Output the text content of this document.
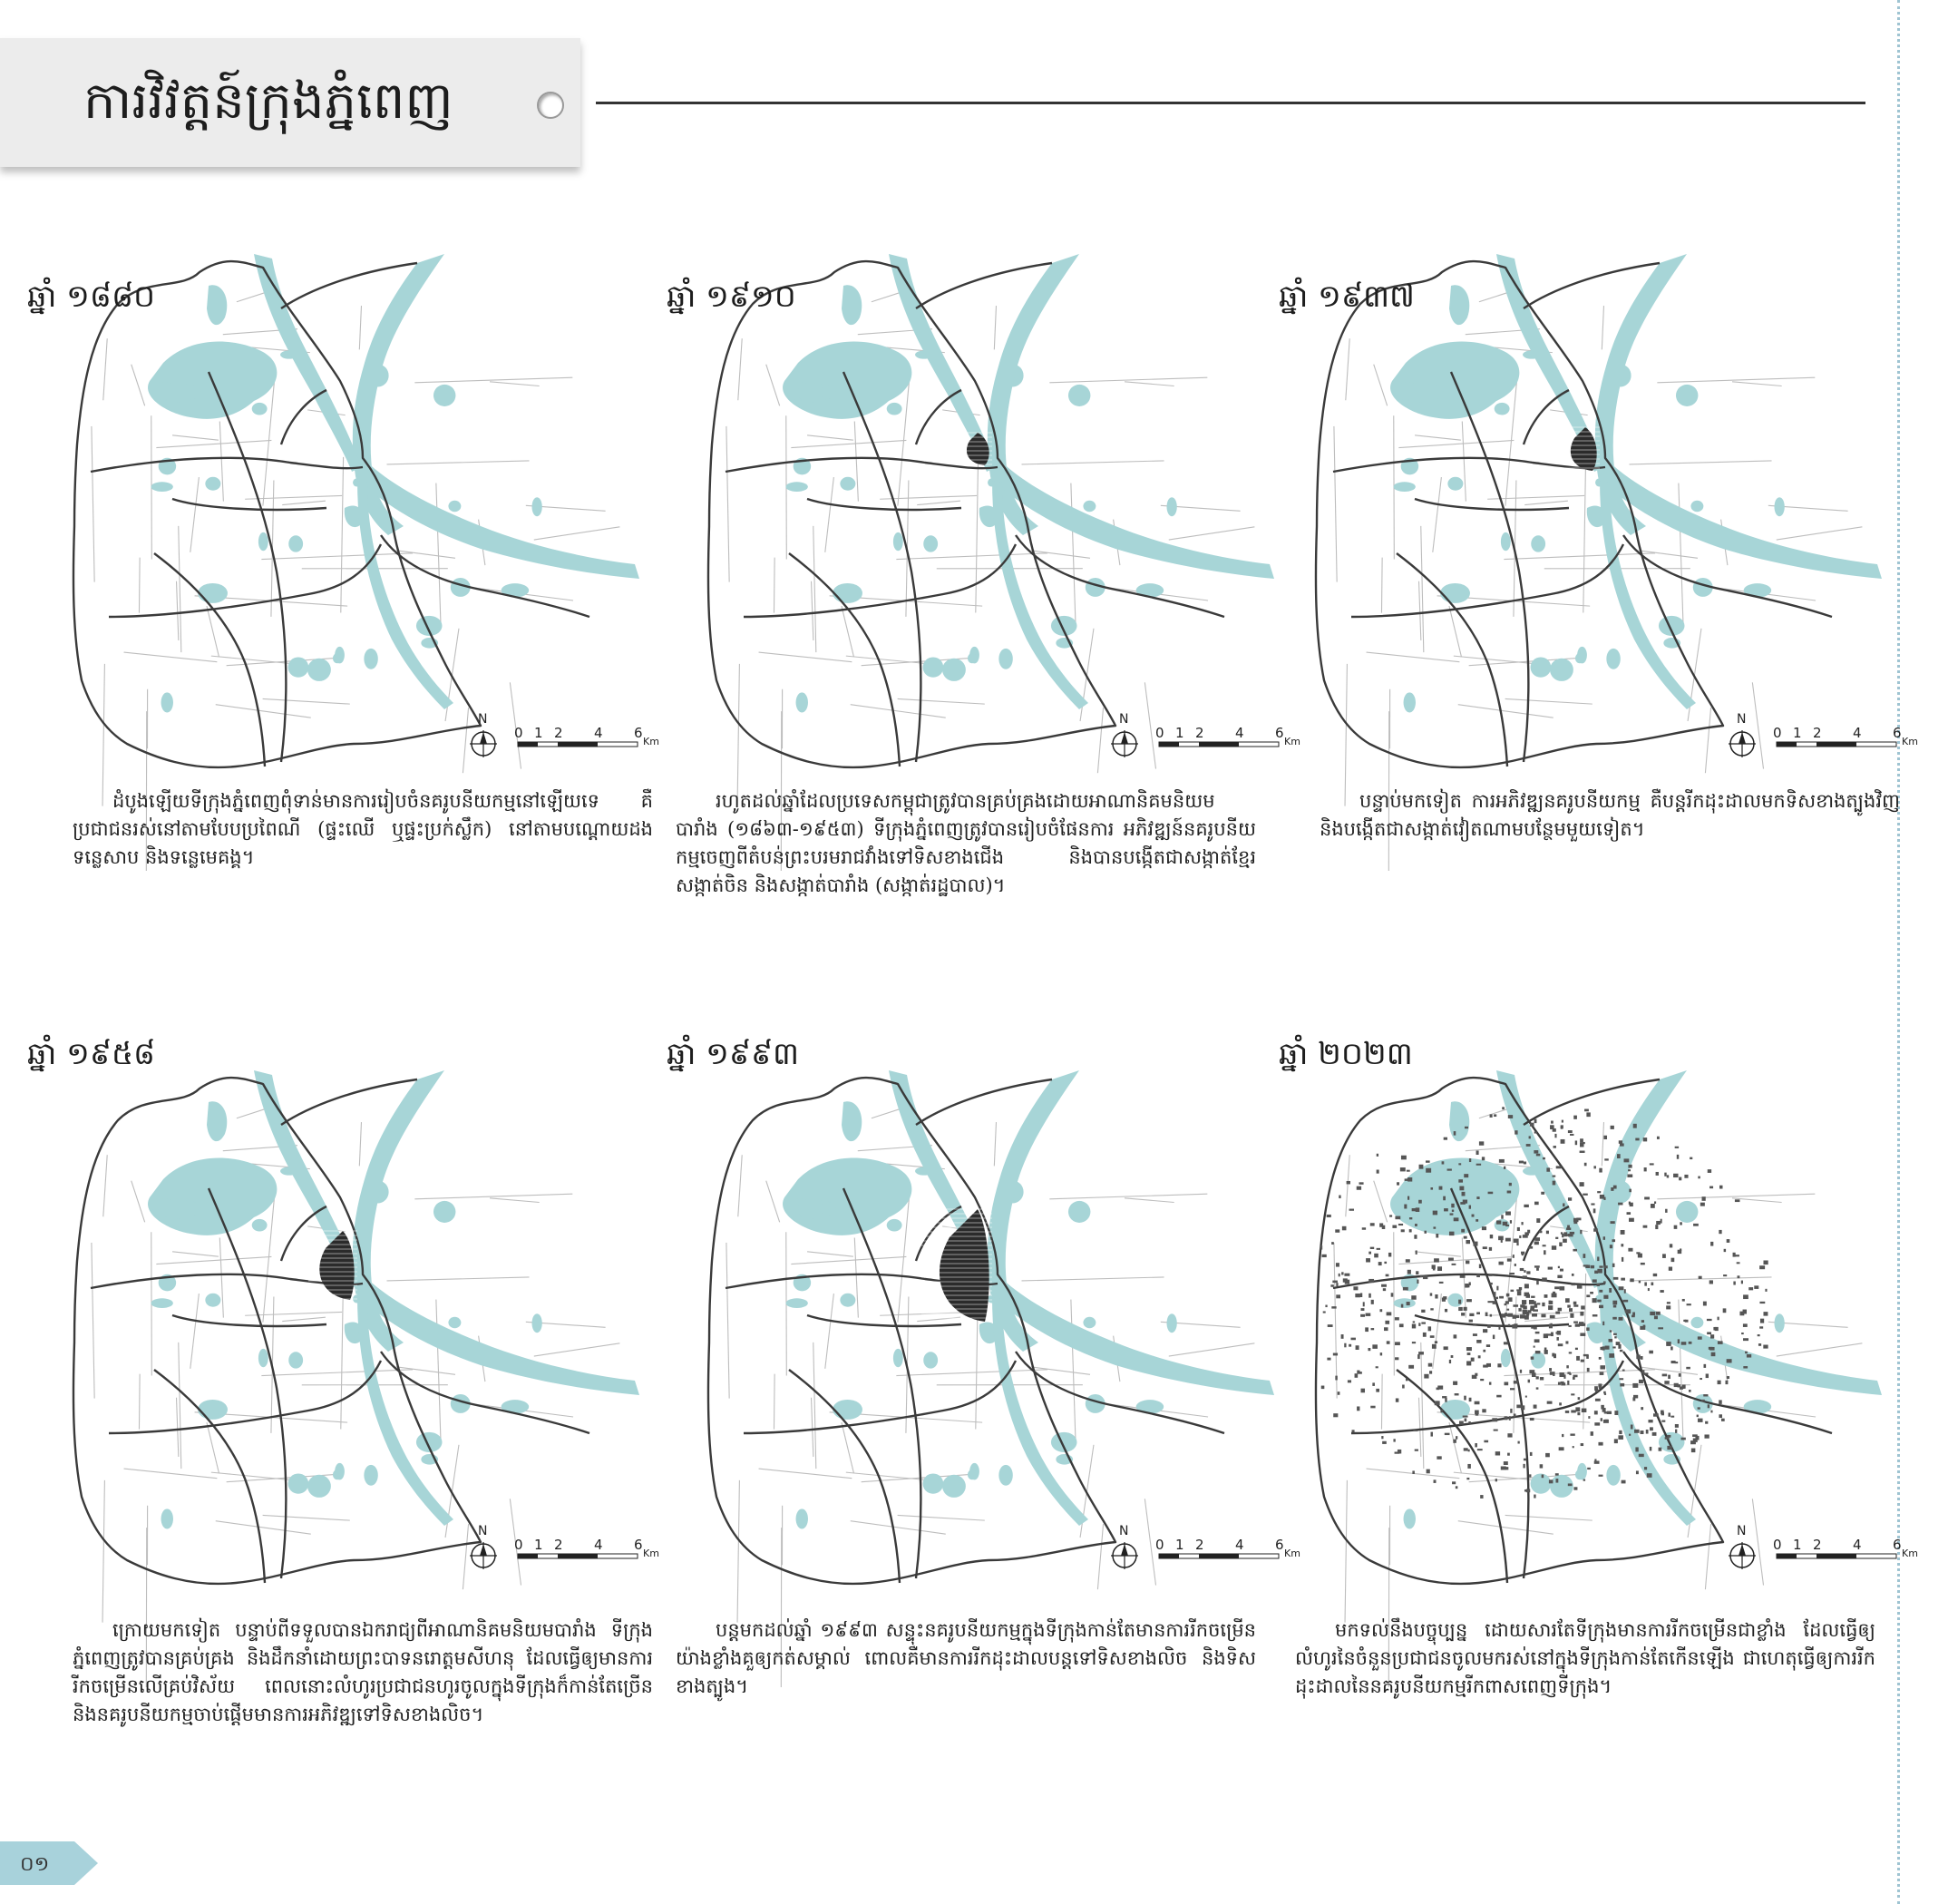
ការវិវត្តន៍ក្រុងភ្នំពេញ
ឆ្នាំ ១៨៨០
N
0 1 2 4 6
Km
ដំបូងឡើយទីក្រុងភ្នំពេញពុំទាន់មានការរៀបចំនគរូបនីយកម្មនៅឡើយទេ គឺប្រជាជនរស់នៅតាមបែបប្រពៃណី (ផ្ទះឈើ ឬផ្ទះប្រក់ស្លឹក) នៅតាមបណ្ដោយដងទន្លេសាប និងទន្លេមេគង្គ។
ឆ្នាំ ១៩១០
N
0 1 2 4 6
Km
រហូតដល់ឆ្នាំដែលប្រទេសកម្ពុជាត្រូវបានគ្រប់គ្រងដោយអាណានិគមនិយមបារាំង (១៨៦៣-១៩៥៣) ទីក្រុងភ្នំពេញត្រូវបានរៀបចំផែនការ អភិវឌ្ឍន៍នគរូបនីយកម្មចេញពីតំបន់ព្រះបរមរាជវាំងទៅទិសខាងជើង និងបានបង្កើតជាសង្កាត់ខ្មែរ សង្កាត់ចិន និងសង្កាត់បារាំង (សង្កាត់រដ្ឋបាល)។
ឆ្នាំ ១៩៣៧
N
0 1 2 4 6
Km
បន្ទាប់មកទៀត ការអភិវឌ្ឍនគរូបនីយកម្ម គឺបន្តរីកដុះដាលមកទិសខាងត្បូងវិញ និងបង្កើតជាសង្កាត់វៀតណាមបន្ថែមមួយទៀត។
ឆ្នាំ ១៩៥៨
N
0 1 2 4 6
Km
ក្រោយមកទៀត បន្ទាប់ពីទទួលបានឯករាជ្យពីអាណានិគមនិយមបារាំង ទីក្រុងភ្នំពេញត្រូវបានគ្រប់គ្រង និងដឹកនាំដោយព្រះបាទនរោត្តមសីហនុ ដែលធ្វើឲ្យមានការរីកចម្រើនលើគ្រប់វិស័យ ពេលនោះលំហូរប្រជាជនហូរចូលក្នុងទីក្រុងក៏កាន់តែច្រើននិងនគរូបនីយកម្មចាប់ផ្ដើមមានការអភិវឌ្ឍទៅទិសខាងលិច។
ឆ្នាំ ១៩៩៣
N
0 1 2 4 6
Km
បន្តមកដល់ឆ្នាំ ១៩៩៣ សន្ទុះនគរូបនីយកម្មក្នុងទីក្រុងកាន់តែមានការរីកចម្រើនយ៉ាងខ្លាំងគួឲ្យកត់សម្គាល់ ពោលគឺមានការរីកដុះដាលបន្តទៅទិសខាងលិច និងទិសខាងត្បូង។
ឆ្នាំ ២០២៣
N
0 1 2 4 6
Km
មកទល់នឹងបច្ចុប្បន្ន ដោយសារតែទីក្រុងមានការរីកចម្រើនជាខ្លាំង ដែលធ្វើឲ្យលំហូរនៃចំនួនប្រជាជនចូលមករស់នៅក្នុងទីក្រុងកាន់តែកើនឡើង ជាហេតុធ្វើឲ្យការរីកដុះដាលនៃនគរូបនីយកម្មរីកពាសពេញទីក្រុង។
០១
